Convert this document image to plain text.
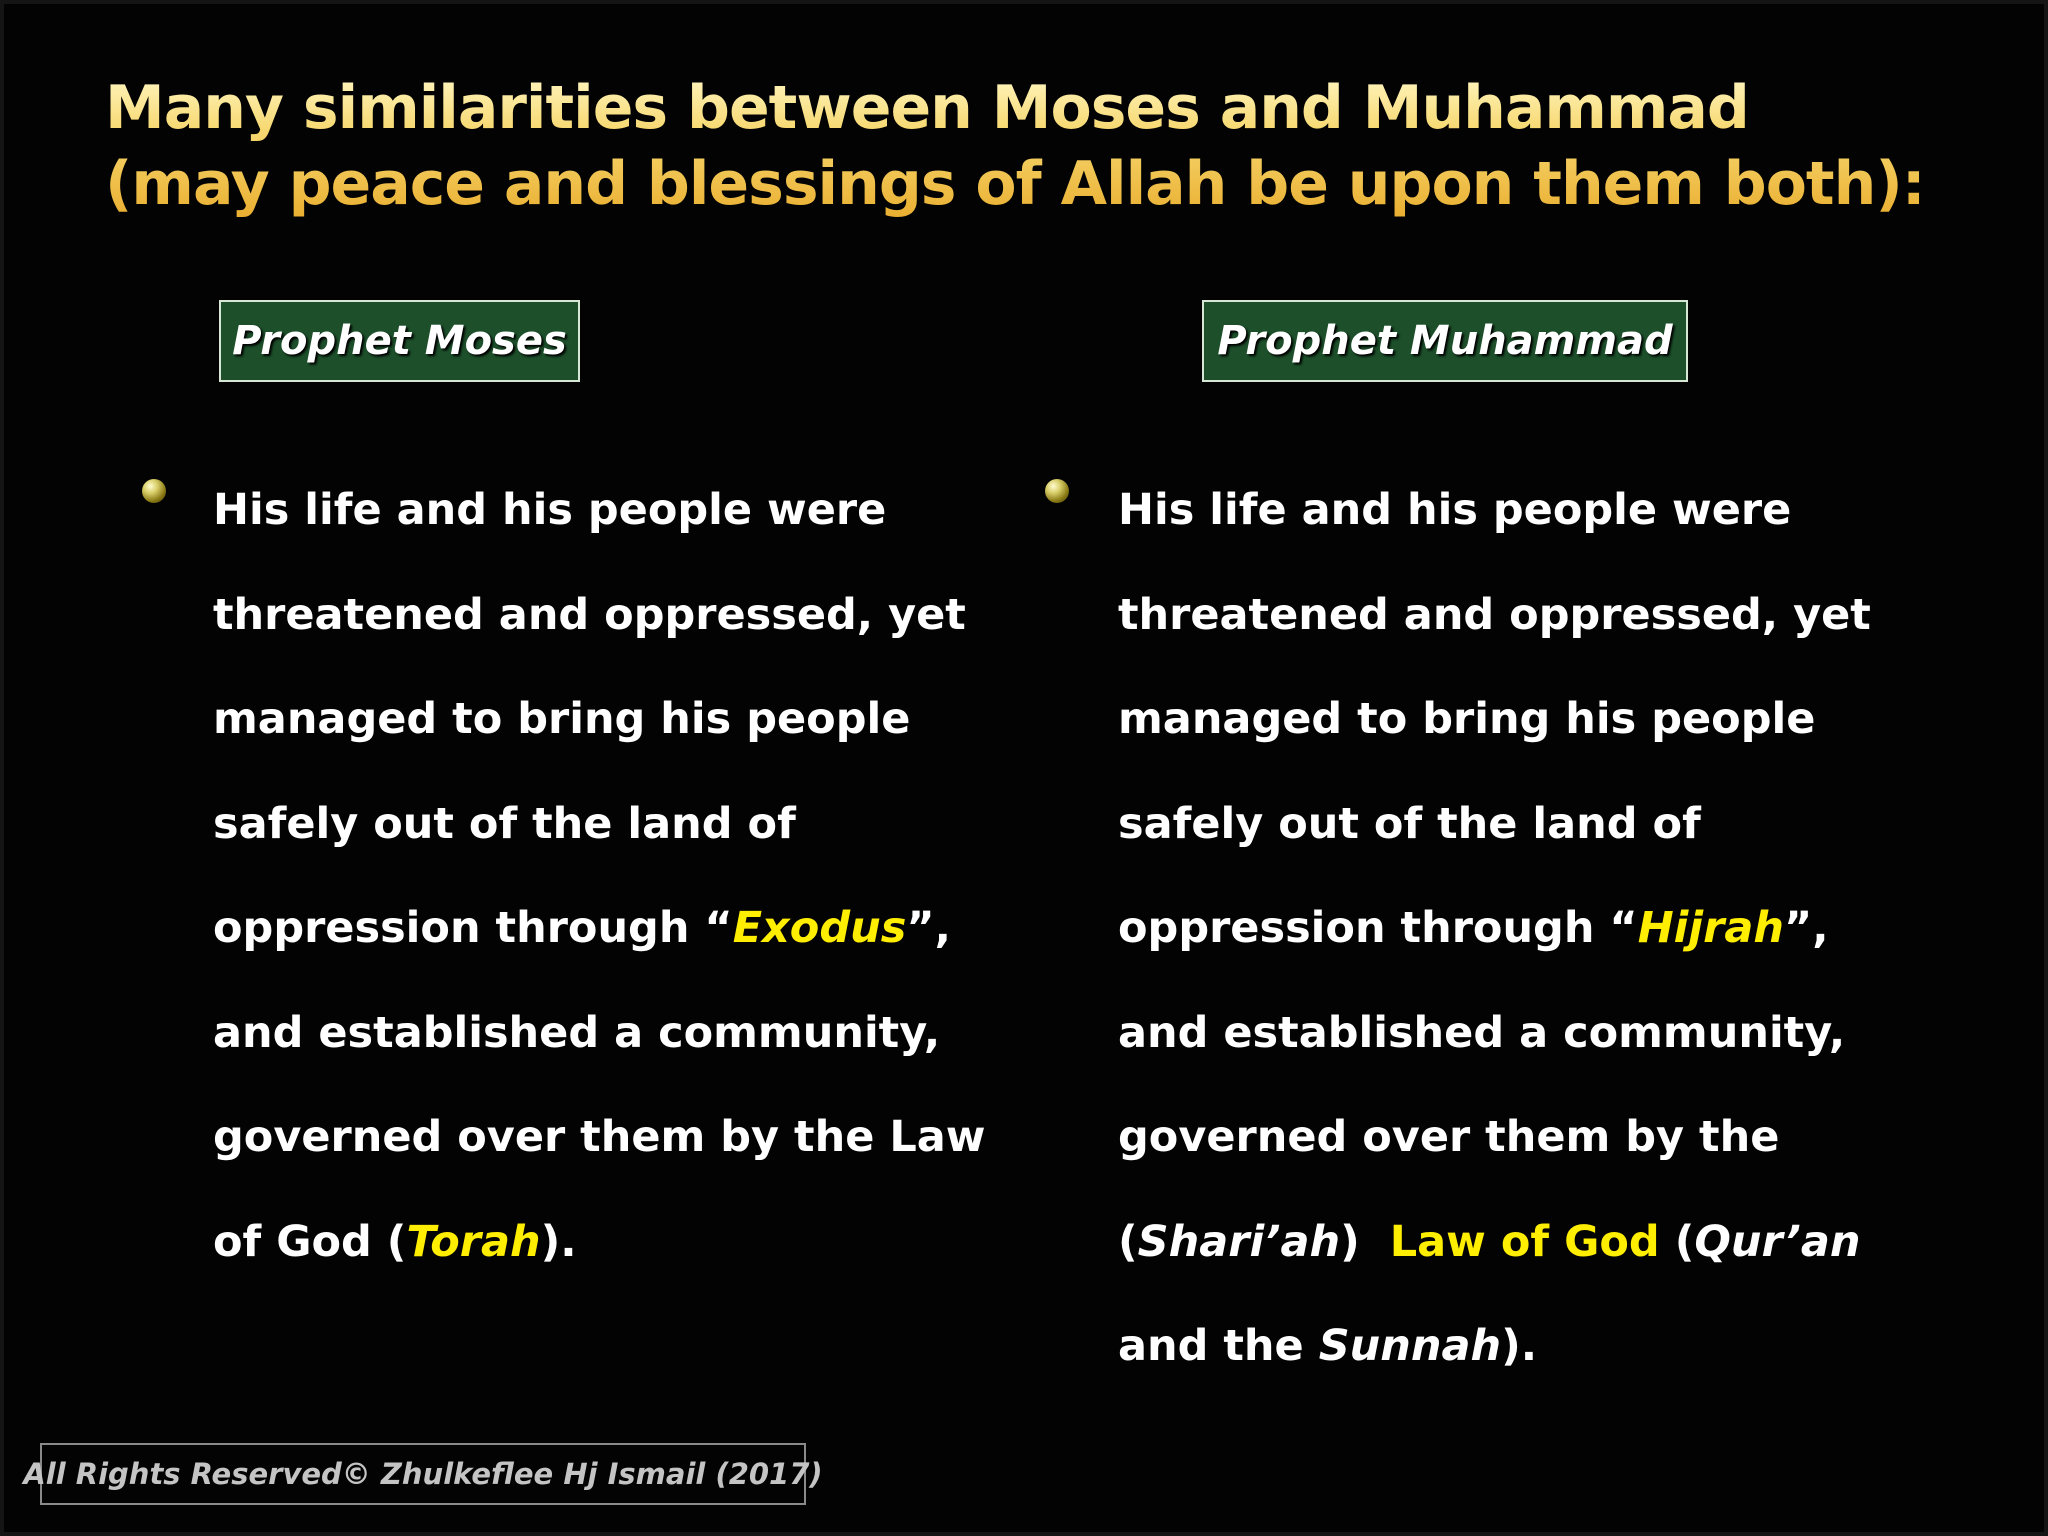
Many similarities between Moses and Muhammad
(may peace and blessings of Allah be upon them both):
Prophet Moses	Prophet Muhammad
His life and his people were
threatened and oppressed, yet
managed to bring his people
safely out of the land of
oppression through “Exodus”,
and established a community,
governed over them by the Law
of God (Torah).
His life and his people were
threatened and oppressed, yet
managed to bring his people
safely out of the land of
oppression through “Hijrah”,
and established a community,
governed over them by the
(Shari’ah)  Law of God (Qur’an
and the Sunnah).
All Rights Reserved© Zhulkeflee Hj Ismail (2017)
